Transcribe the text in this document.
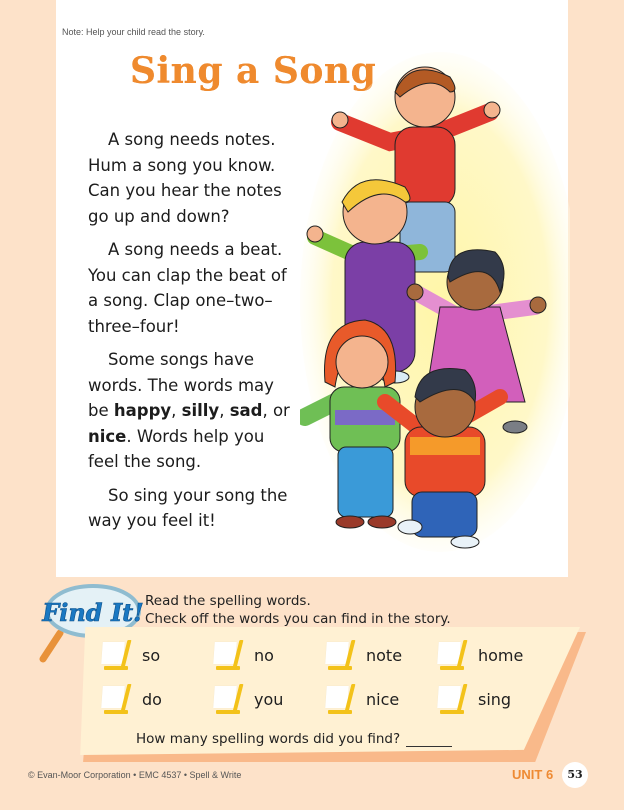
Note: Help your child read the story.
Sing a Song

A song needs notes. Hum a song you know. Can you hear the notes go up and down?

A song needs a beat. You can clap the beat of a song. Clap one–two–three–four!

Some songs have words. The words may be happy, silly, sad, or nice. Words help you feel the song.

So sing your song the way you feel it!

Find It! Read the spelling words.
Check off the words you can find in the story.
so	no	note	home
do	you	nice	sing
How many spelling words did you find?
© Evan-Moor Corporation • EMC 4537 • Spell & Write	UNIT 6	53
